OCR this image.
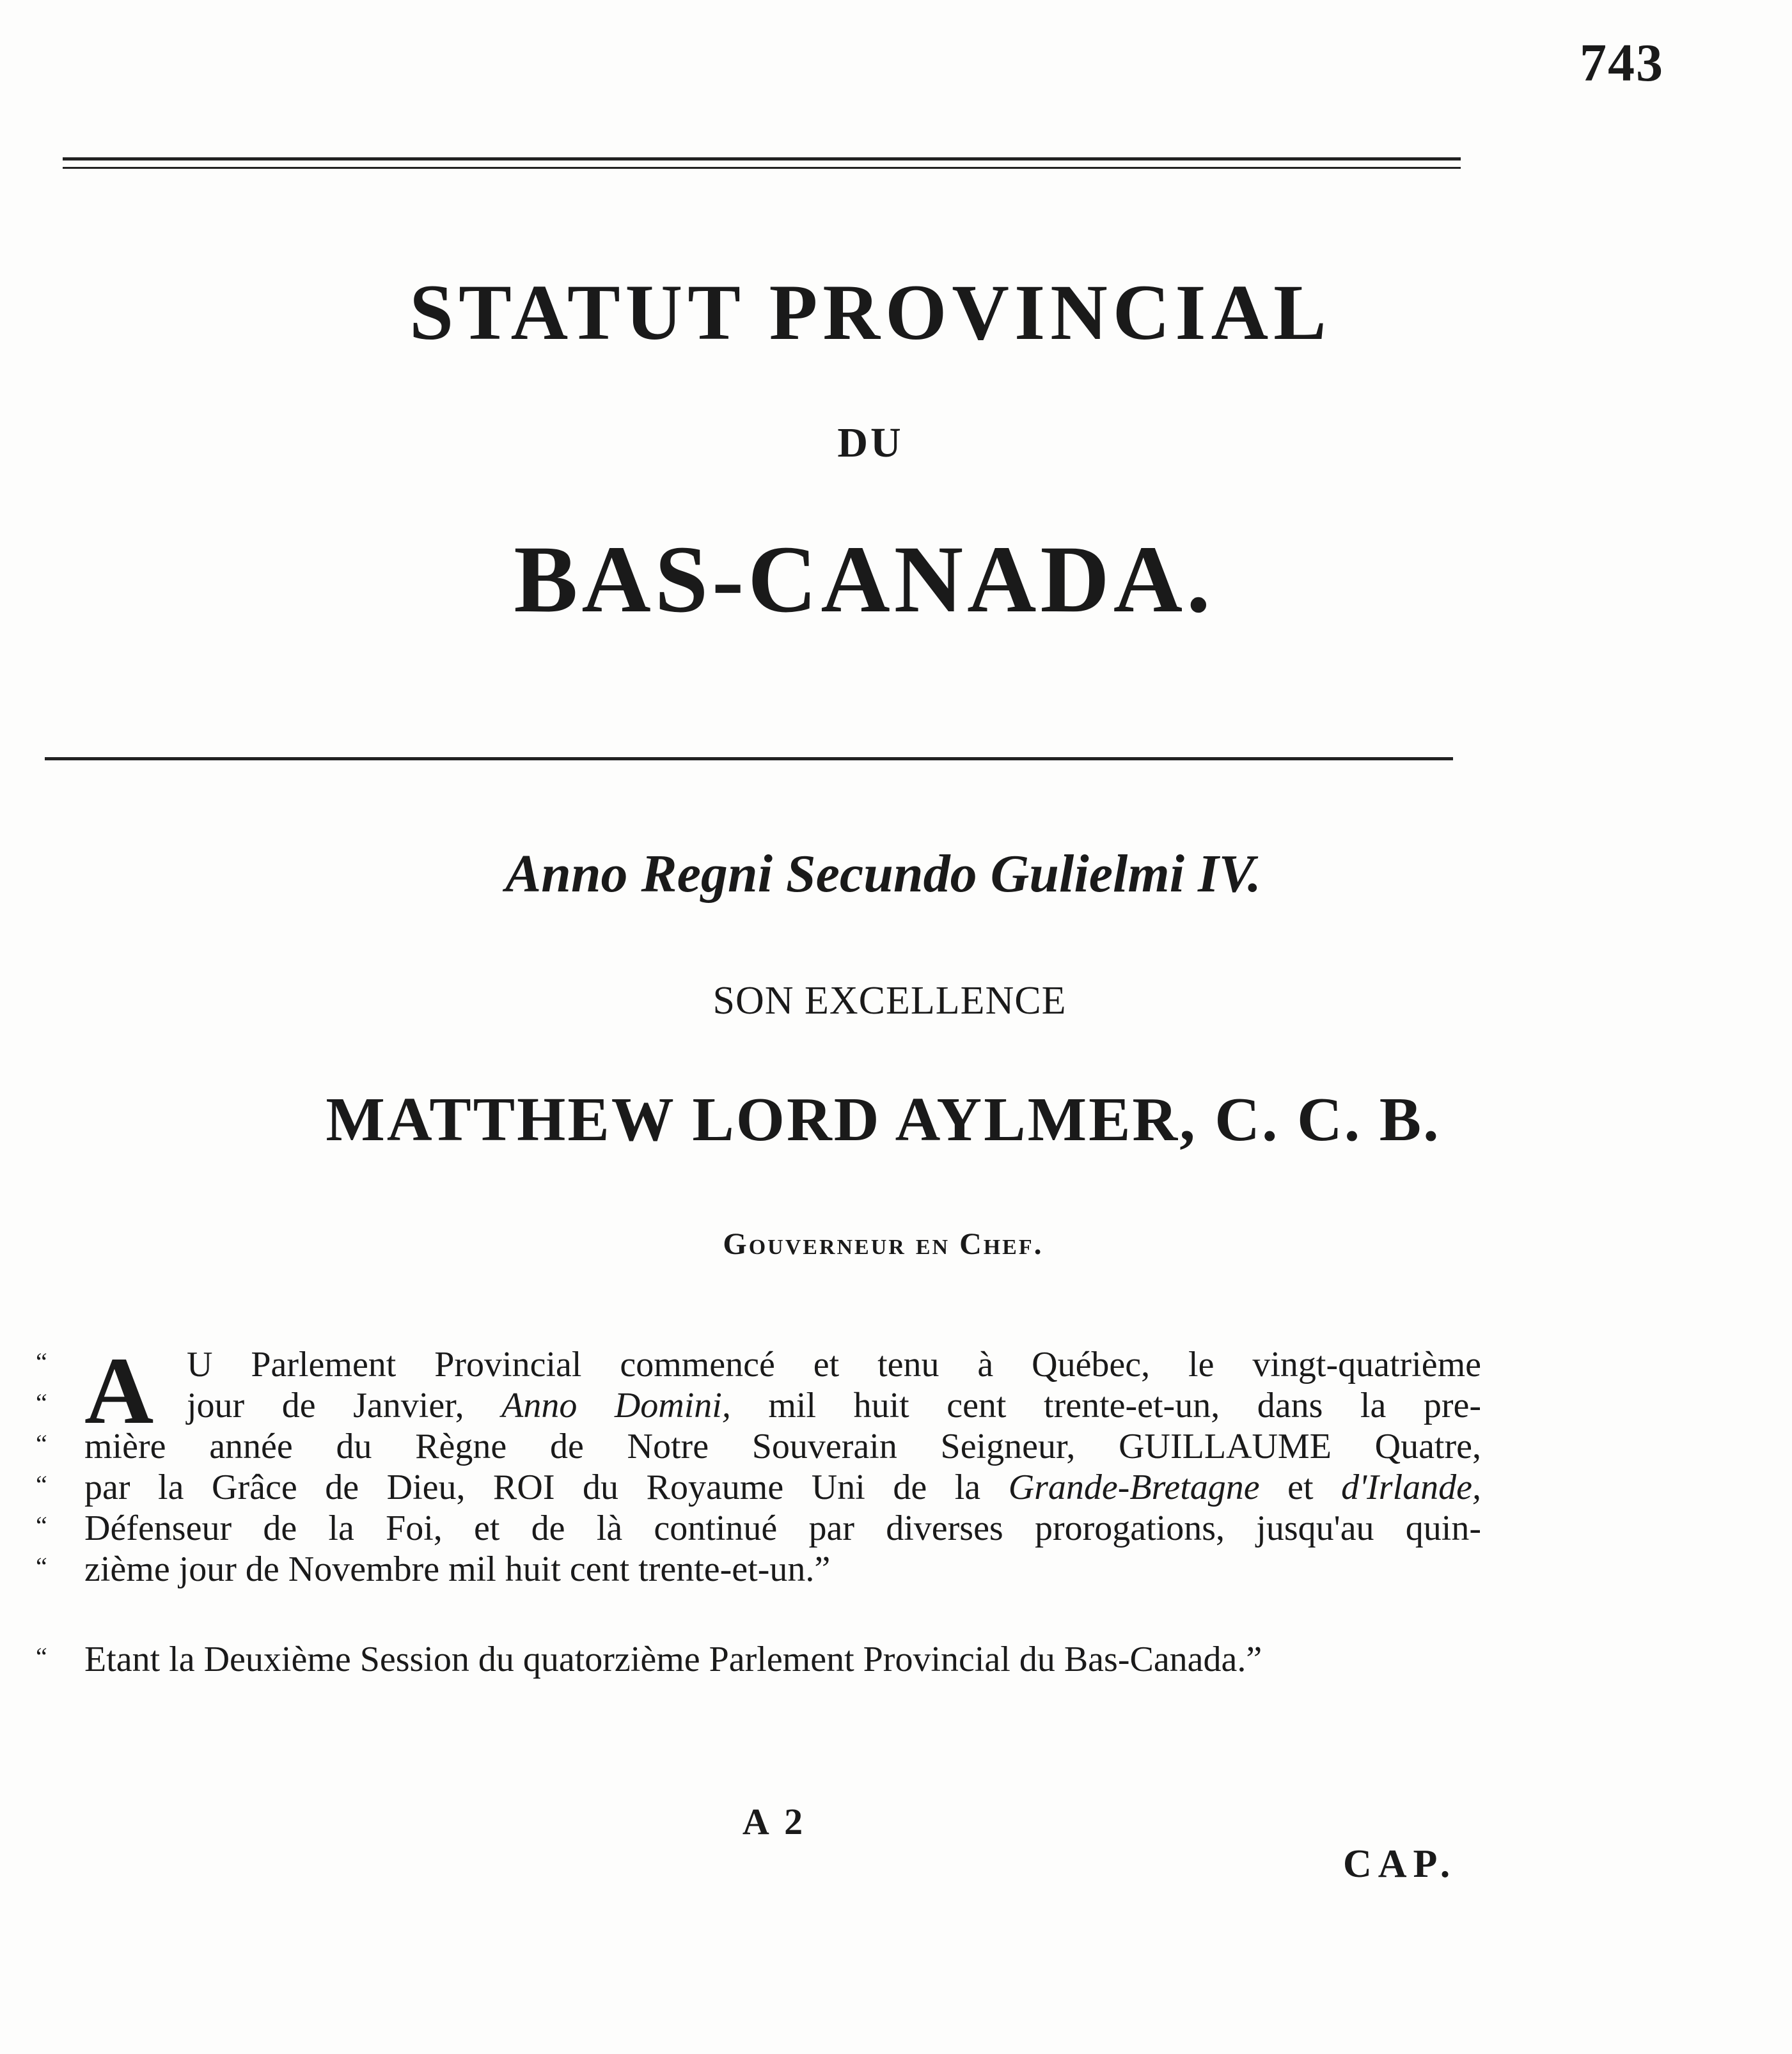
743
STATUT PROVINCIAL
DU
BAS-CANADA.
Anno Regni Secundo Gulielmi IV.
SON EXCELLENCE
MATTHEW LORD AYLMER, C. C. B.
Gouverneur en Chef.
A
“	U Parlement Provincial commencé et tenu à Québec, le vingt-quatrième
“	jour de Janvier, Anno Domini, mil huit cent trente-et-un, dans la pre-
“	mière année du Règne de Notre Souverain Seigneur, GUILLAUME Quatre,
“	par la Grâce de Dieu, ROI du Royaume Uni de la Grande-Bretagne et d'Irlande,
“	Défenseur de la Foi, et de là continué par diverses prorogations, jusqu'au quin-
“	zième jour de Novembre mil huit cent trente-et-un.”
“	Etant la Deuxième Session du quatorzième Parlement Provincial du Bas-Canada.”
A 2
CAP.
